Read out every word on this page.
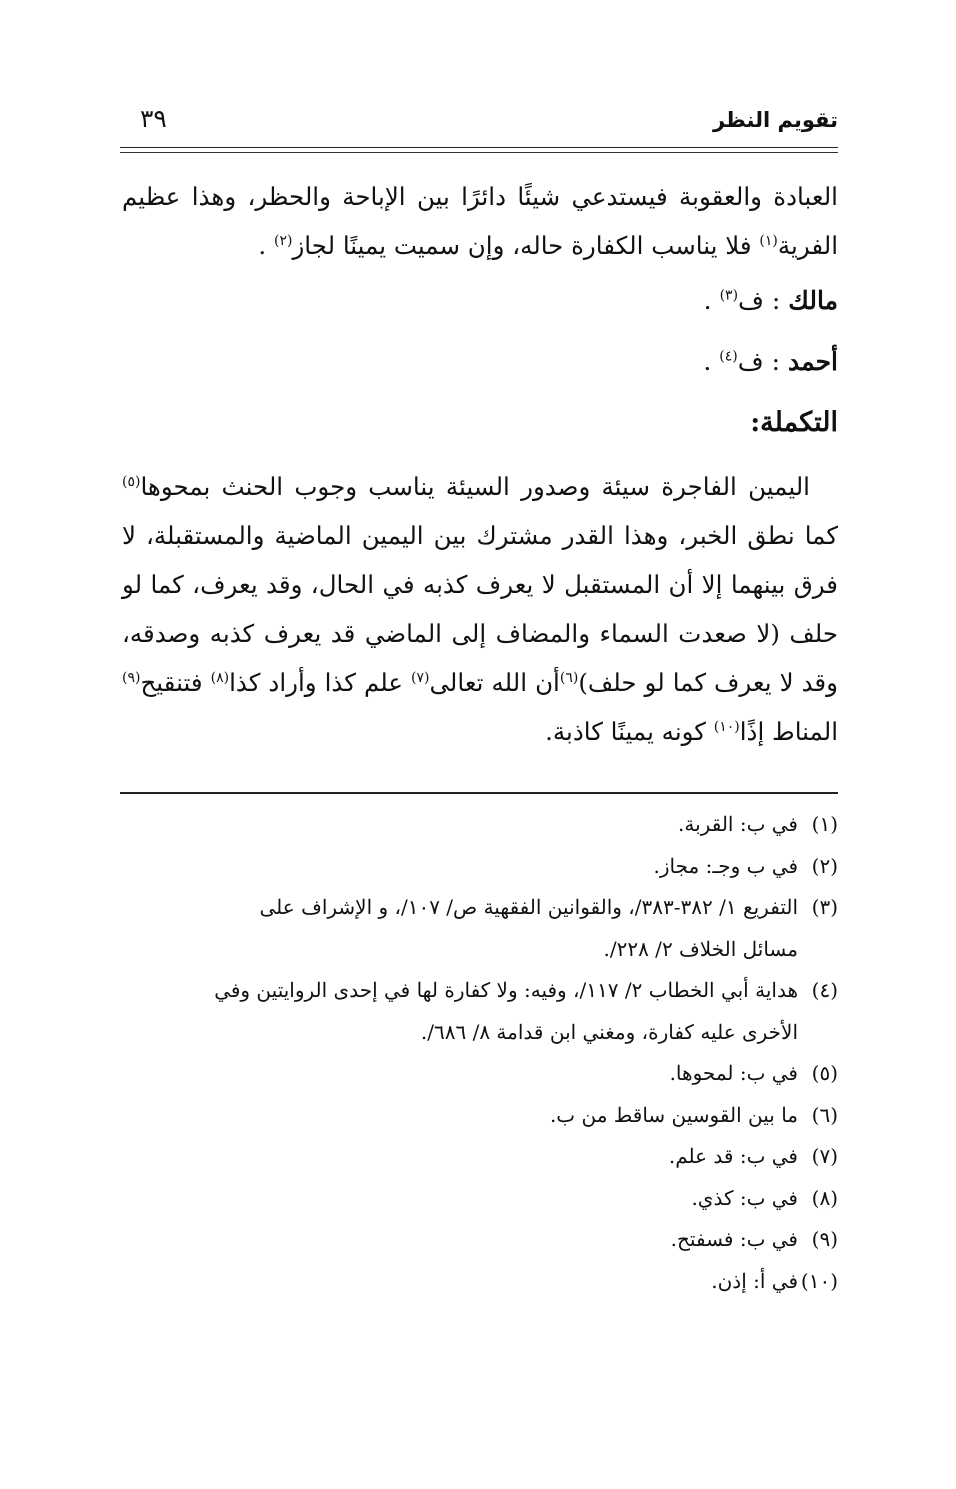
تقويم النظر
٣٩

العبادة والعقوبة فيستدعي شيئًا دائرًا بين الإباحة والحظر، وهذا عظيم الفرية$^{(١)}$ فلا يناسب الكفارة حاله، وإن سميت يمينًا لجاز$^{(٢)}$ .

مالك : ف$^{(٣)}$ .

أحمد : ف$^{(٤)}$ .

التكملة:

اليمين الفاجرة سيئة وصدور السيئة يناسب وجوب الحنث بمحوها$^{(٥)}$ كما نطق الخبر، وهذا القدر مشترك بين اليمين الماضية والمستقبلة، لا فرق بينهما إلا أن المستقبل لا يعرف كذبه في الحال، وقد يعرف، كما لو حلف (لا صعدت السماء والمضاف إلى الماضي قد يعرف كذبه وصدقه، وقد لا يعرف كما لو حلف)$^{(٦)}$أن الله تعالى$^{(٧)}$ علم كذا وأراد كذا$^{(٨)}$ فتنقيح$^{(٩)}$ المناط إذًا$^{(١٠)}$ كونه يمينًا كاذبة.

(١)في ب: القربة.

(٢)في ب وجـ: مجاز.

(٣)التفريع ١/ ٣٨٢-٣٨٣/، والقوانين الفقهية ص/ ١٠٧/، و الإشراف على

مسائل الخلاف ٢/ ٢٢٨/.

(٤)هداية أبي الخطاب ٢/ ١١٧/، وفيه: ولا كفارة لها في إحدى الروايتين وفي

الأخرى عليه كفارة، ومغني ابن قدامة ٨/ ٦٨٦/.

(٥)في ب: لمحوها.

(٦)ما بين القوسين ساقط من ب.

(٧)في ب: قد علم.

(٨)في ب: كذي.

(٩)في ب: فسفتح.

(١٠)في أ: إذن.
